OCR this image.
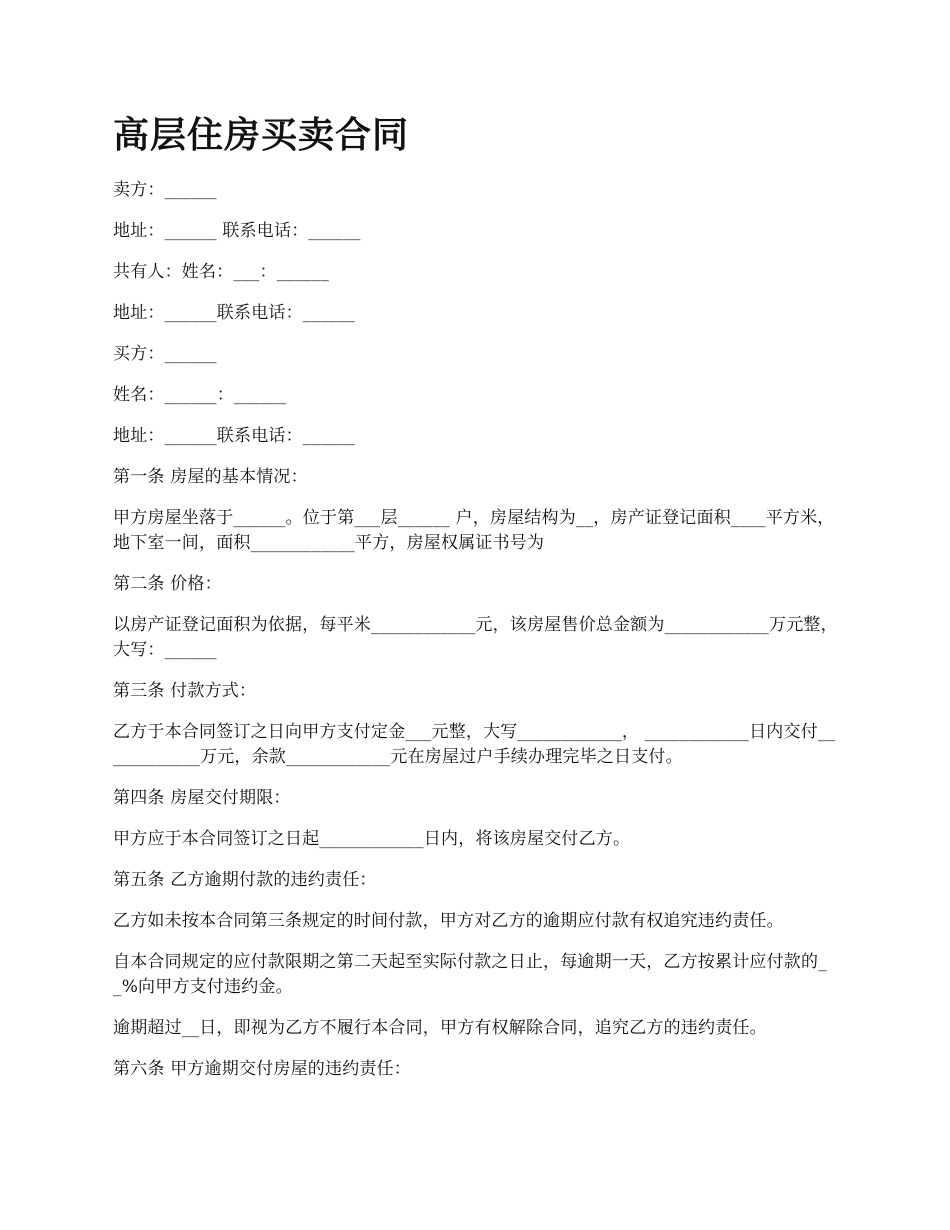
高层住房买卖合同

卖方：______

地址：______ 联系电话：______

共有人：姓名：___：______

地址：______联系电话：______

买方：______

姓名：______：______

地址：______联系电话：______

第一条 房屋的基本情况：

甲方房屋坐落于______。位于第___层______ 户，房屋结构为__，房产证登记面积____平方米，地下室一间，面积____________平方，房屋权属证书号为

第二条 价格：

以房产证登记面积为依据，每平米____________元，该房屋售价总金额为____________万元整，大写：______

第三条 付款方式：

乙方于本合同签订之日向甲方支付定金___元整，大写____________， ____________日内交付____________万元，余款____________元在房屋过户手续办理完毕之日支付。

第四条 房屋交付期限：

甲方应于本合同签订之日起____________日内，将该房屋交付乙方。

第五条 乙方逾期付款的违约责任：

乙方如未按本合同第三条规定的时间付款，甲方对乙方的逾期应付款有权追究违约责任。

自本合同规定的应付款限期之第二天起至实际付款之日止，每逾期一天，乙方按累计应付款的__%向甲方支付违约金。

逾期超过__日，即视为乙方不履行本合同，甲方有权解除合同，追究乙方的违约责任。

第六条 甲方逾期交付房屋的违约责任：
